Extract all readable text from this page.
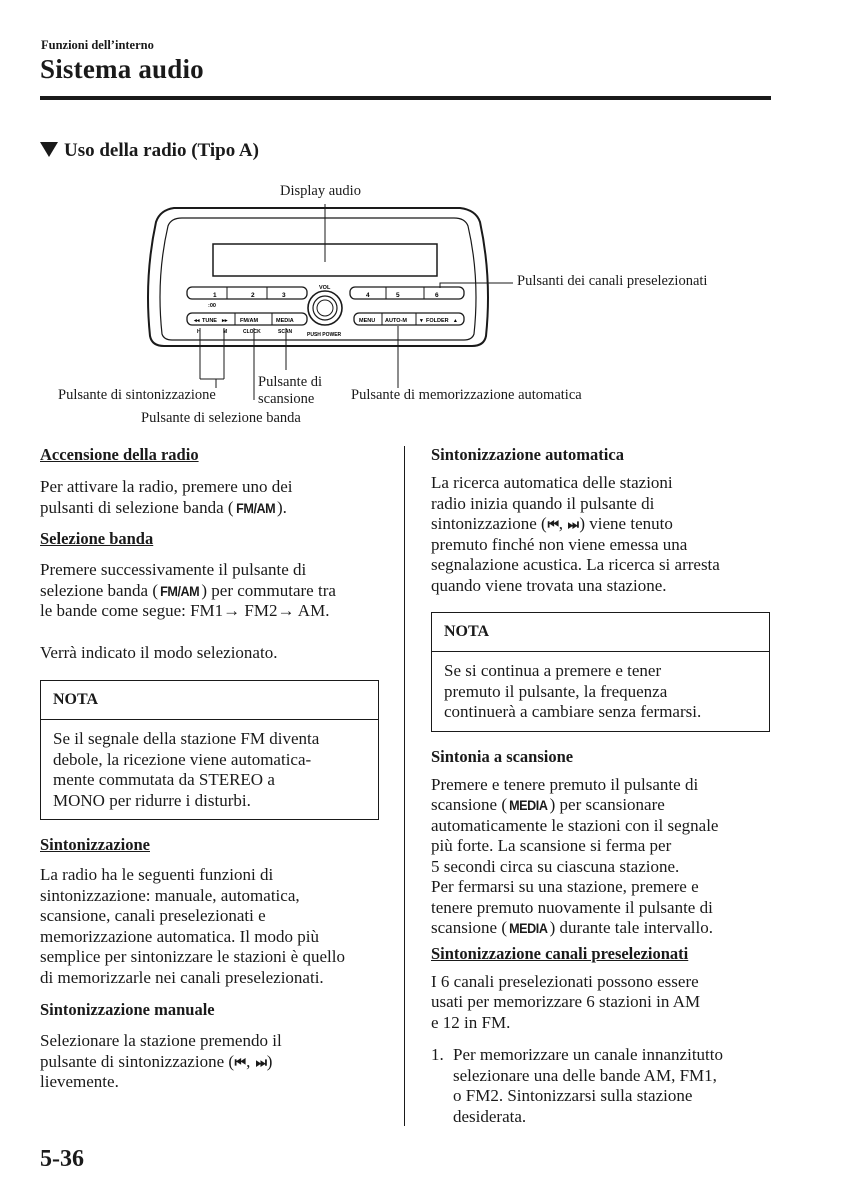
Funzioni dell’interno
Sistema audio
Uso della radio (Tipo A)
1	2	3
:00
4	5	6
VOL
PUSH POWER
◂◂ TUNE ▸▸ FM/AM	MEDIA
H	M	CLOCK	SCAN
MENU AUTO-M ▾ FOLDER ▴
Display audio
Pulsanti dei canali preselezionati
Pulsante di sintonizzazione
Pulsante di
scansione	Pulsante di memorizzazione automatica
Pulsante di selezione banda

Accensione della radio

Per attivare la radio, premere uno dei
pulsanti di selezione banda ( FM/AM ).

Selezione banda

Premere successivamente il pulsante di
selezione banda ( FM/AM ) per commutare tra
le bande come segue: FM1→ FM2→ AM.

Verrà indicato il modo selezionato.

NOTA
Se il segnale della stazione FM diventa
debole, la ricezione viene automatica-
mente commutata da STEREO a
MONO per ridurre i disturbi.

Sintonizzazione

La radio ha le seguenti funzioni di
sintonizzazione: manuale, automatica,
scansione, canali preselezionati e
memorizzazione automatica. Il modo più
semplice per sintonizzare le stazioni è quello
di memorizzarle nei canali preselezionati.

Sintonizzazione manuale

Selezionare la stazione premendo il
pulsante di sintonizzazione (⏮, ⏭)
lievemente.

Sintonizzazione automatica

La ricerca automatica delle stazioni
radio inizia quando il pulsante di
sintonizzazione (⏮, ⏭) viene tenuto
premuto finché non viene emessa una
segnalazione acustica. La ricerca si arresta
quando viene trovata una stazione.

NOTA
Se si continua a premere e tener
premuto il pulsante, la frequenza
continuerà a cambiare senza fermarsi.

Sintonia a scansione

Premere e tenere premuto il pulsante di
scansione ( MEDIA ) per scansionare
automaticamente le stazioni con il segnale
più forte. La scansione si ferma per
5 secondi circa su ciascuna stazione.
Per fermarsi su una stazione, premere e
tenere premuto nuovamente il pulsante di
scansione ( MEDIA ) durante tale intervallo.

Sintonizzazione canali preselezionati

I 6 canali preselezionati possono essere
usati per memorizzare 6 stazioni in AM
e 12 in FM.

1. Per memorizzare un canale innanzitutto
selezionare una delle bande AM, FM1,
o FM2. Sintonizzarsi sulla stazione
desiderata.
5-36
